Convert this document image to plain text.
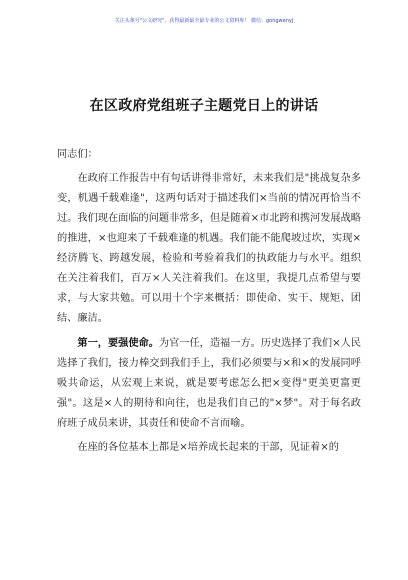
关注头条号"公文研究"，获得最新最全最专业的公文资料库！ 微信：gongwenyj
在区政府党组班子主题党日上的讲话

同志们：

在政府工作报告中有句话讲得非常好，未来我们是"挑战复杂多变，机遇千载难逢"，这两句话对于描述我们×当前的情况再恰当不过。我们现在面临的问题非常多，但是随着×市北跨和携河发展战略的推进，×也迎来了千载难逢的机遇。我们能不能爬坡过坎，实现×经济腾飞、跨越发展，检验和考验着我们的执政能力与水平。组织在关注着我们，百万×人关注着我们。在这里，我提几点希望与要求，与大家共勉。可以用十个字来概括：即使命、实干、规矩、团结、廉洁。

第一，要强使命。为官一任，造福一方。历史选择了我们×人民选择了我们，接力棒交到我们手上，我们必须要与×和×的发展同呼吸共命运，从宏观上来说，就是要考虑怎么把×变得"更美更富更强"。这是×人的期待和向往，也是我们自己的"×梦"。对于每名政府班子成员来讲，其责任和使命不言而喻。

在座的各位基本上都是×培养成长起来的干部，见证着×的
